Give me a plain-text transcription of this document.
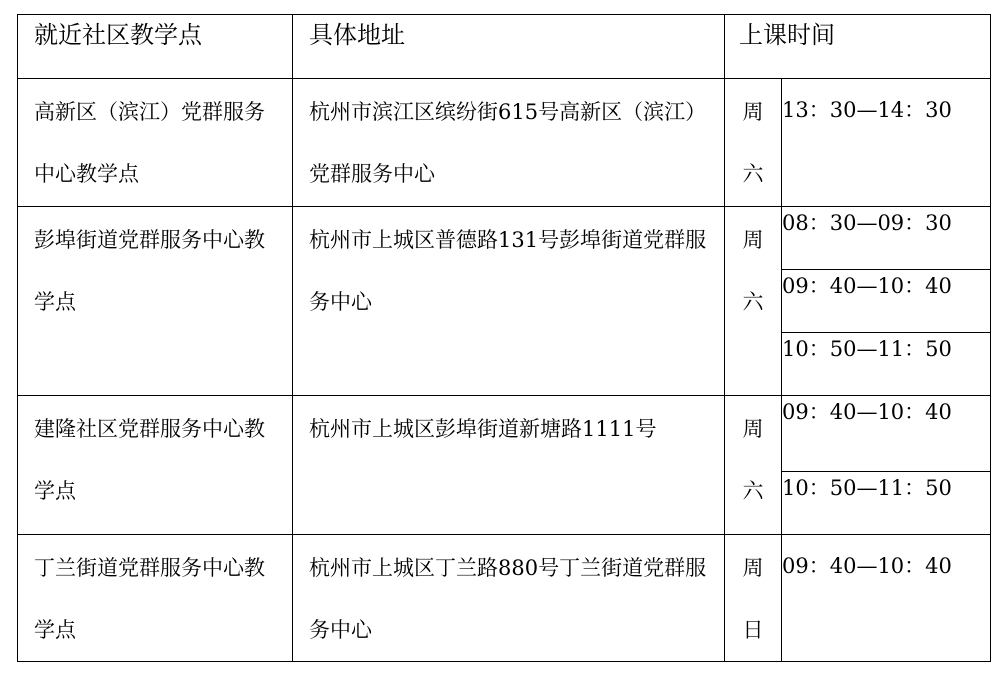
就近社区教学点	具体地址	上课时间	

高新区（滨江）党群服务中心教学点	杭州市滨江区缤纷街615号高新区（滨江）党群服务中心	周六	13：30—14：30

彭埠街道党群服务中心教学点	杭州市上城区普德路131号彭埠街道党群服务中心	周六	08：30—09：30

			09：40—10：40

			10：50—11：50

建隆社区党群服务中心教学点	杭州市上城区彭埠街道新塘路1111号	周六	09：40—10：40

			10：50—11：50

丁兰街道党群服务中心教学点	杭州市上城区丁兰路880号丁兰街道党群服务中心	周日	09：40—10：40
